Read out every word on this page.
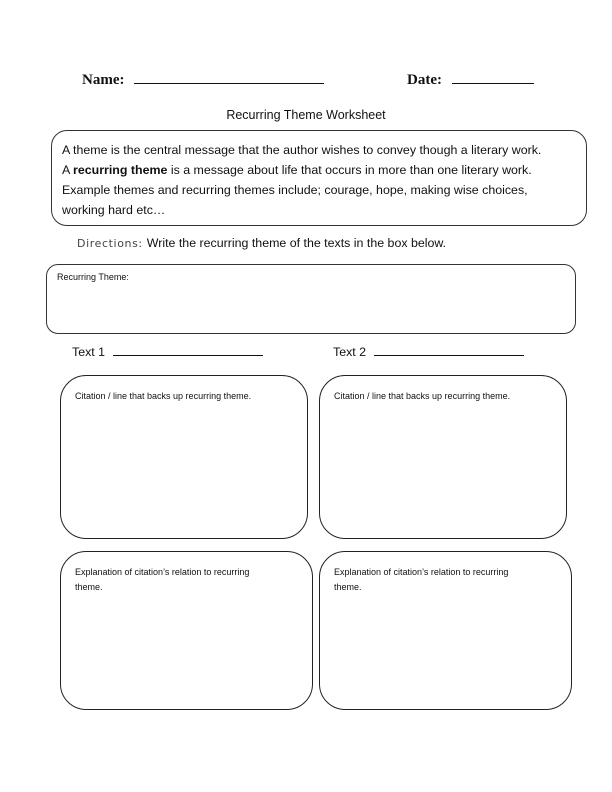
Name:	Date:
Recurring Theme Worksheet

A theme is the central message that the author wishes to convey though a literary work.

A recurring theme is a message about life that occurs in more than one literary work.

Example themes and recurring themes include; courage, hope, making wise choices,

working hard etc…

Directions: Write the recurring theme of the texts in the box below.
Recurring Theme:
Text 1	Text 2
Citation / line that backs up recurring theme.	Citation / line that backs up recurring theme.
Explanation of citation’s relation to recurring theme.
Explanation of citation’s relation to recurring theme.
